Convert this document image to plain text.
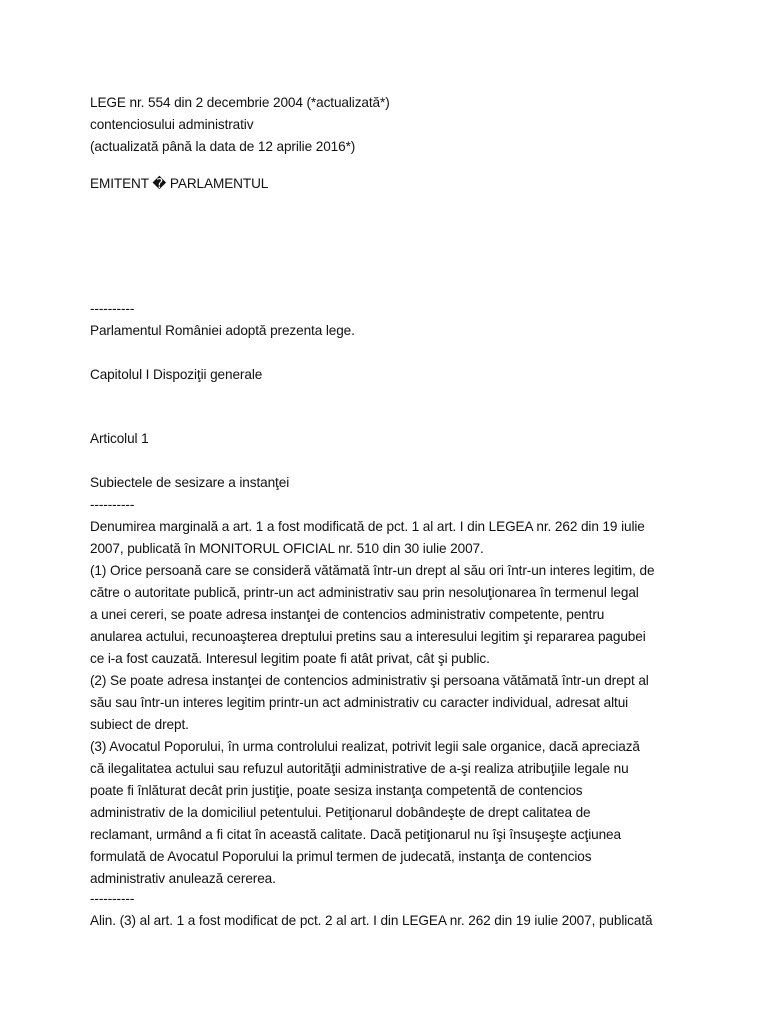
LEGE nr. 554 din 2 decembrie 2004 (*actualizată*)
contenciosului administrativ
(actualizată până la data de 12 aprilie 2016*)
EMITENT � PARLAMENTUL
----------
Parlamentul României adoptă prezenta lege.
Capitolul I Dispoziţii generale
Articolul 1
Subiectele de sesizare a instanţei
----------
Denumirea marginală a art. 1 a fost modificată de pct. 1 al art. I din LEGEA nr. 262 din 19 iulie
2007, publicată în MONITORUL OFICIAL nr. 510 din 30 iulie 2007.
(1) Orice persoană care se consideră vătămată într-un drept al său ori într-un interes legitim, de
către o autoritate publică, printr-un act administrativ sau prin nesoluţionarea în termenul legal
a unei cereri, se poate adresa instanţei de contencios administrativ competente, pentru
anularea actului, recunoaşterea dreptului pretins sau a interesului legitim şi repararea pagubei
ce i-a fost cauzată. Interesul legitim poate fi atât privat, cât şi public.
(2) Se poate adresa instanţei de contencios administrativ şi persoana vătămată într-un drept al
său sau într-un interes legitim printr-un act administrativ cu caracter individual, adresat altui
subiect de drept.
(3) Avocatul Poporului, în urma controlului realizat, potrivit legii sale organice, dacă apreciază
că ilegalitatea actului sau refuzul autorităţii administrative de a-şi realiza atribuţiile legale nu
poate fi înlăturat decât prin justiţie, poate sesiza instanţa competentă de contencios
administrativ de la domiciliul petentului. Petiţionarul dobândeşte de drept calitatea de
reclamant, urmând a fi citat în această calitate. Dacă petiţionarul nu îşi însuşeşte acţiunea
formulată de Avocatul Poporului la primul termen de judecată, instanţa de contencios
administrativ anulează cererea.
----------
Alin. (3) al art. 1 a fost modificat de pct. 2 al art. I din LEGEA nr. 262 din 19 iulie 2007, publicată
